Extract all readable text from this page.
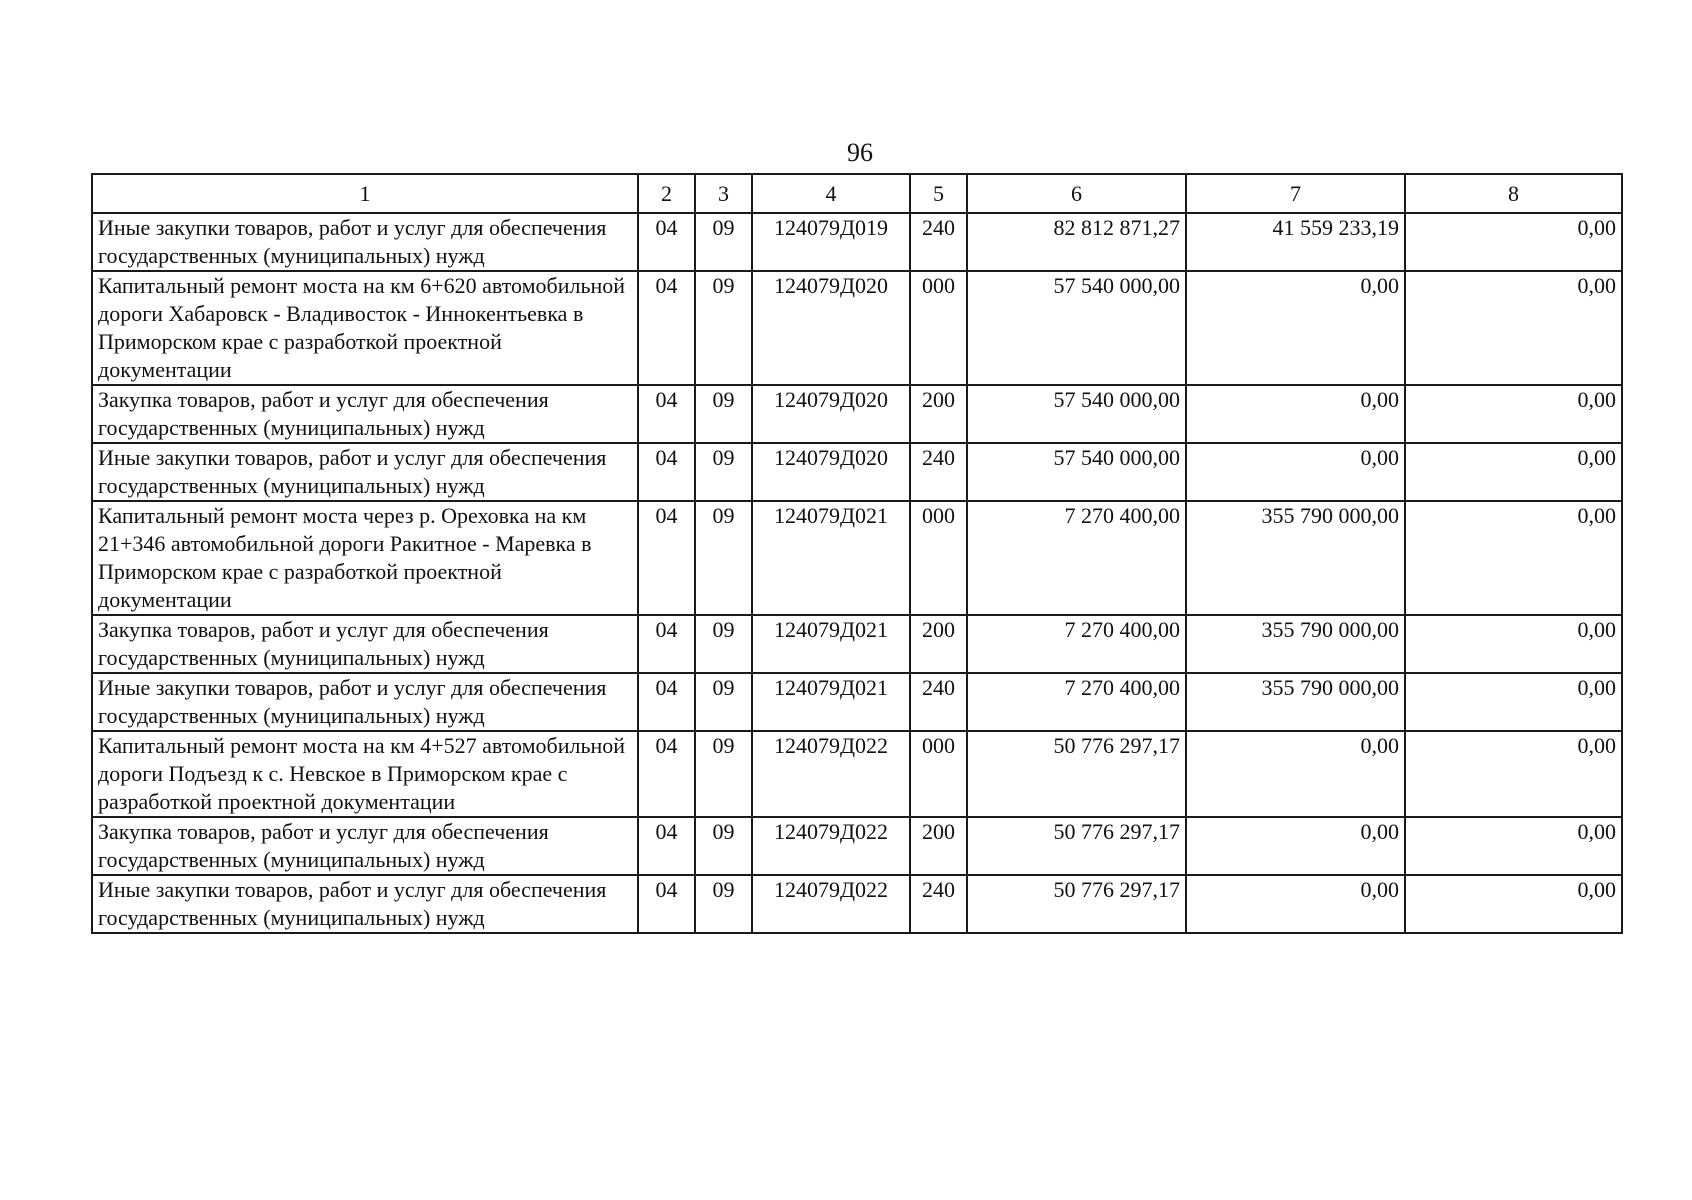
96
1	2	3	4	5	6	7	8
Иные закупки товаров, работ и услуг для обеспечения государственных (муниципальных) нужд	04	09	124079Д019	240	82 812 871,27	41 559 233,19	0,00
Капитальный ремонт моста на км 6+620 автомобильной дороги Хабаровск - Владивосток - Иннокентьевка в Приморском крае с разработкой проектной документации	04	09	124079Д020	000	57 540 000,00	0,00	0,00
Закупка товаров, работ и услуг для обеспечения государственных (муниципальных) нужд	04	09	124079Д020	200	57 540 000,00	0,00	0,00
Иные закупки товаров, работ и услуг для обеспечения государственных (муниципальных) нужд	04	09	124079Д020	240	57 540 000,00	0,00	0,00
Капитальный ремонт моста через р. Ореховка на км 21+346 автомобильной дороги Ракитное - Маревка в Приморском крае с разработкой проектной документации	04	09	124079Д021	000	7 270 400,00	355 790 000,00	0,00
Закупка товаров, работ и услуг для обеспечения государственных (муниципальных) нужд	04	09	124079Д021	200	7 270 400,00	355 790 000,00	0,00
Иные закупки товаров, работ и услуг для обеспечения государственных (муниципальных) нужд	04	09	124079Д021	240	7 270 400,00	355 790 000,00	0,00
Капитальный ремонт моста на км 4+527 автомобильной дороги Подъезд к с. Невское в Приморском крае с разработкой проектной документации	04	09	124079Д022	000	50 776 297,17	0,00	0,00
Закупка товаров, работ и услуг для обеспечения государственных (муниципальных) нужд	04	09	124079Д022	200	50 776 297,17	0,00	0,00
Иные закупки товаров, работ и услуг для обеспечения государственных (муниципальных) нужд	04	09	124079Д022	240	50 776 297,17	0,00	0,00
